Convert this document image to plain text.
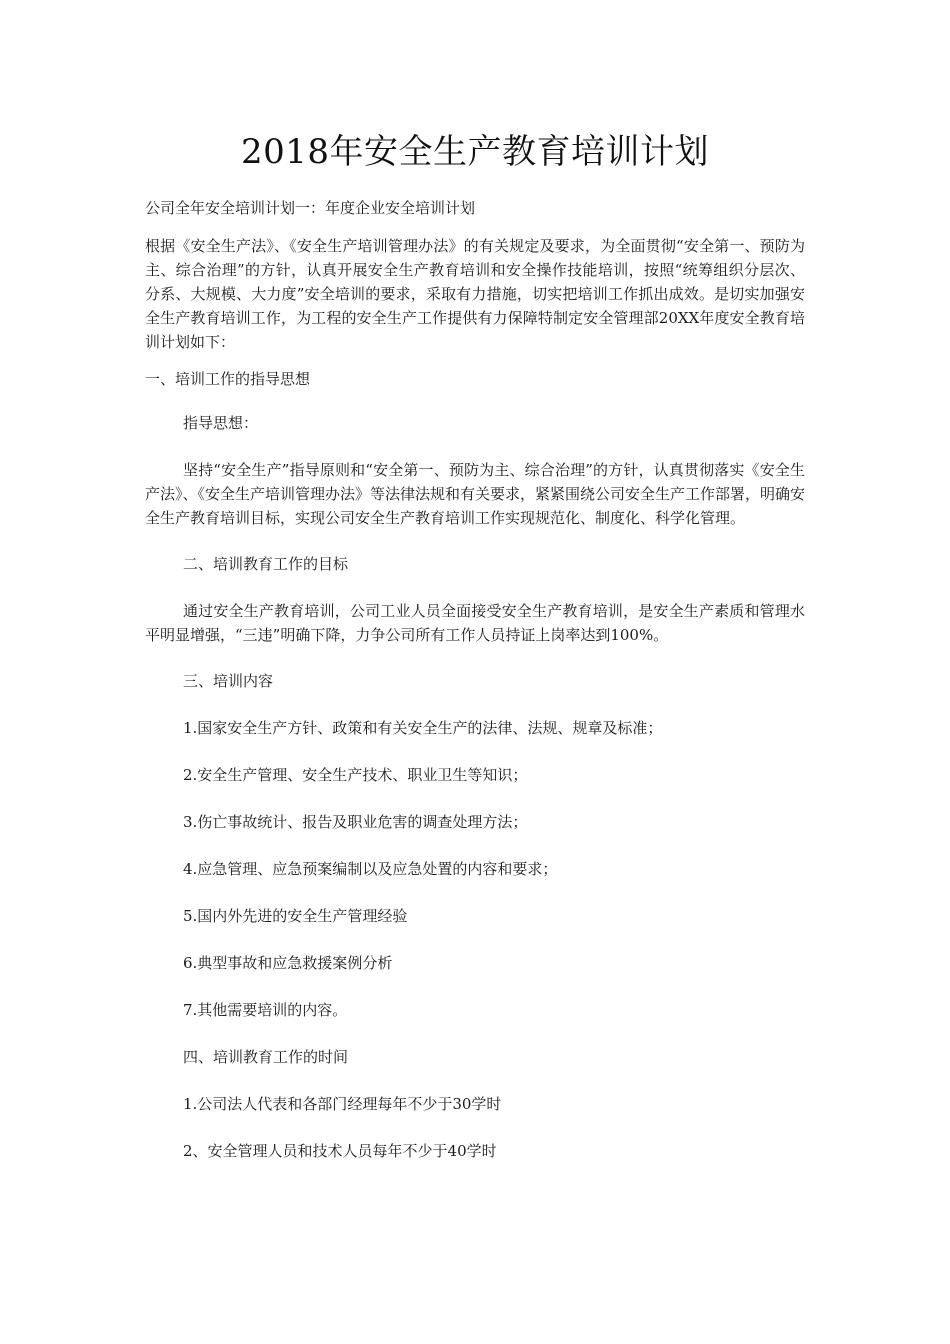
2018年安全生产教育培训计划

公司全年安全培训计划一：年度企业安全培训计划

根据《安全生产法》、《安全生产培训管理办法》的有关规定及要求，为全面贯彻“安全第一、预防为主、综合治理”的方针，认真开展安全生产教育培训和安全操作技能培训，按照“统筹组织分层次、分系、大规模、大力度”安全培训的要求，采取有力措施，切实把培训工作抓出成效。是切实加强安全生产教育培训工作，为工程的安全生产工作提供有力保障特制定安全管理部20XX年度安全教育培训计划如下：

一、培训工作的指导思想

指导思想：

坚持“安全生产”指导原则和“安全第一、预防为主、综合治理”的方针，认真贯彻落实《安全生产法》、《安全生产培训管理办法》等法律法规和有关要求，紧紧围绕公司安全生产工作部署，明确安全生产教育培训目标，实现公司安全生产教育培训工作实现规范化、制度化、科学化管理。

二、培训教育工作的目标

通过安全生产教育培训，公司工业人员全面接受安全生产教育培训，是安全生产素质和管理水平明显增强，“三违”明确下降，力争公司所有工作人员持证上岗率达到100%。

三、培训内容

1.国家安全生产方针、政策和有关安全生产的法律、法规、规章及标准；

2.安全生产管理、安全生产技术、职业卫生等知识；

3.伤亡事故统计、报告及职业危害的调查处理方法；

4.应急管理、应急预案编制以及应急处置的内容和要求；

5.国内外先进的安全生产管理经验

6.典型事故和应急救援案例分析

7.其他需要培训的内容。

四、培训教育工作的时间

1.公司法人代表和各部门经理每年不少于30学时

2、安全管理人员和技术人员每年不少于40学时
